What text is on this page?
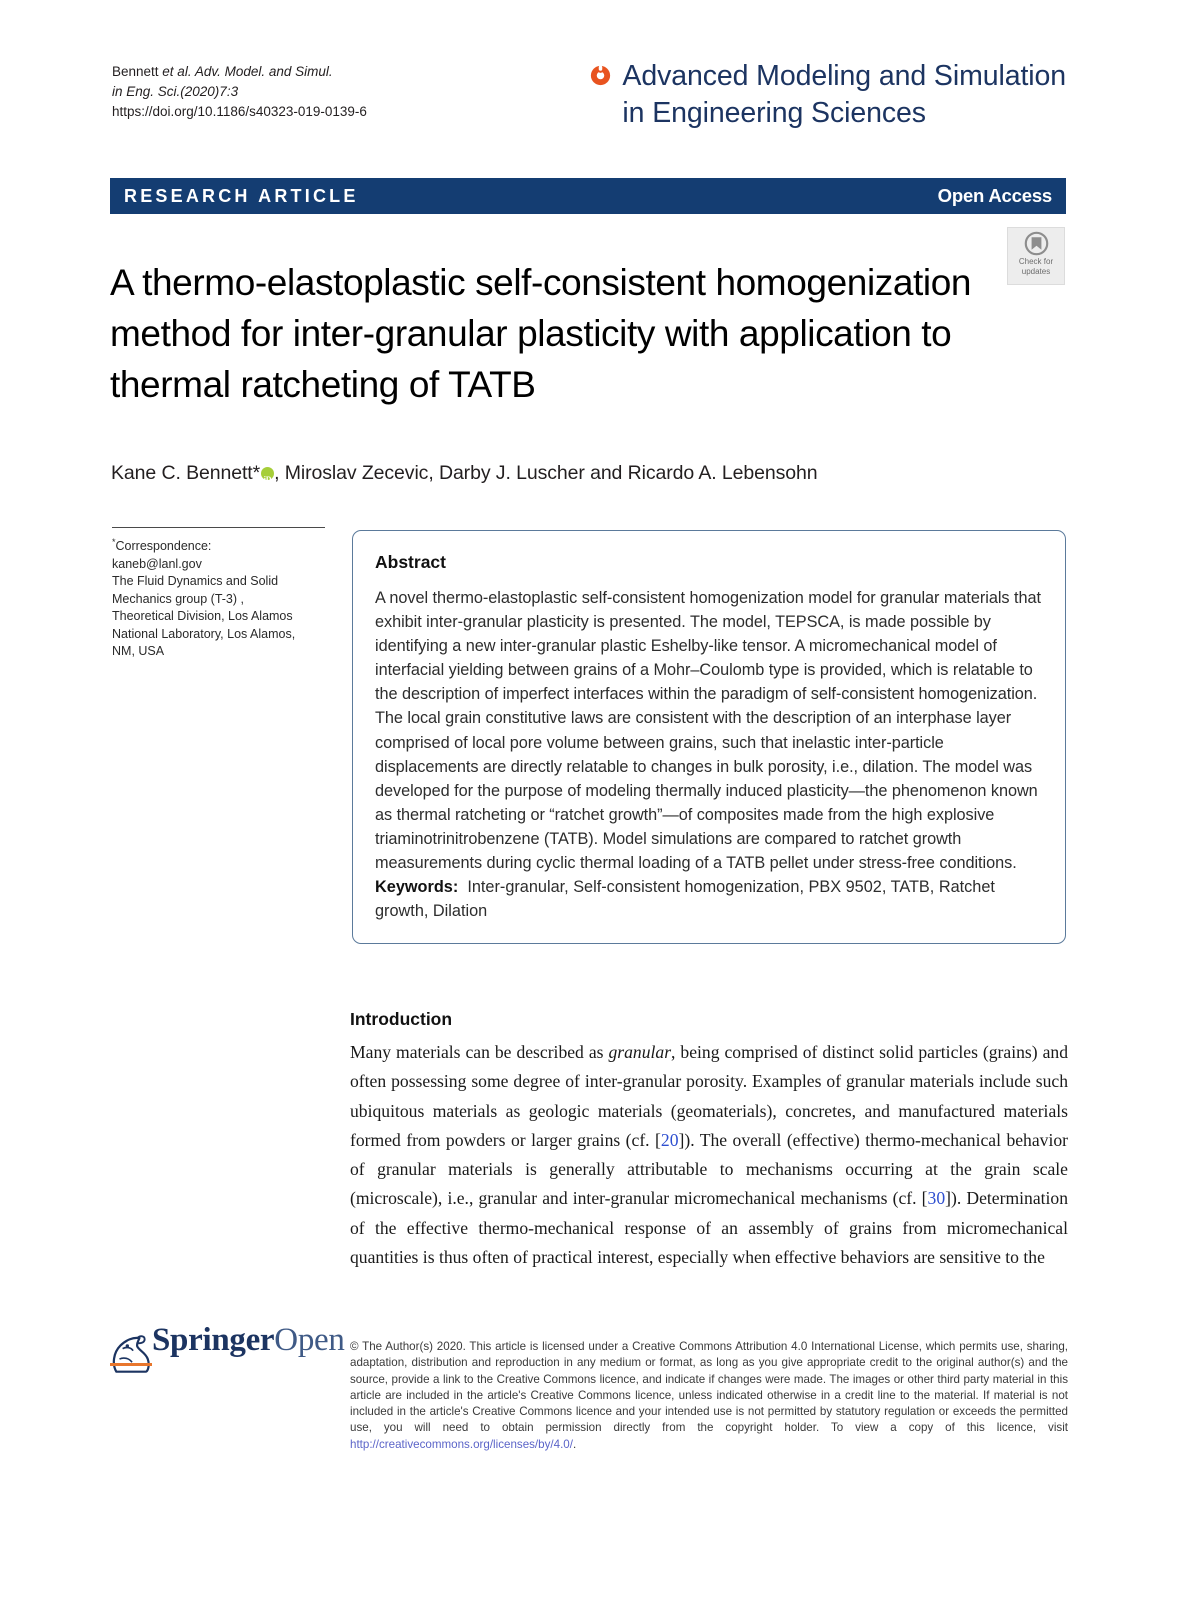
Bennett et al. Adv. Model. and Simul.
in Eng. Sci.(2020)7:3
https://doi.org/10.1186/s40323-019-0139-6
Advanced Modeling and Simulation
in Engineering Sciences
RESEARCH ARTICLE	Open Access
A thermo-elastoplastic self-consistent homogenization method for inter-granular plasticity with application to thermal ratcheting of TATB
Check for
updates
Kane C. Bennett* iD , Miroslav Zecevic, Darby J. Luscher and Ricardo A. Lebensohn
*Correspondence:
kaneb@lanl.gov
The Fluid Dynamics and Solid
Mechanics group (T-3) ,
Theoretical Division, Los Alamos
National Laboratory, Los Alamos,
NM, USA
Abstract
A novel thermo-elastoplastic self-consistent homogenization model for granular materials that exhibit inter-granular plasticity is presented. The model, TEPSCA, is made possible by identifying a new inter-granular plastic Eshelby-like tensor. A micromechanical model of interfacial yielding between grains of a Mohr–Coulomb type is provided, which is relatable to the description of imperfect interfaces within the paradigm of self-consistent homogenization. The local grain constitutive laws are consistent with the description of an interphase layer comprised of local pore volume between grains, such that inelastic inter-particle displacements are directly relatable to changes in bulk porosity, i.e., dilation. The model was developed for the purpose of modeling thermally induced plasticity—the phenomenon known as thermal ratcheting or “ratchet growth”—of composites made from the high explosive triaminotrinitrobenzene (TATB). Model simulations are compared to ratchet growth measurements during cyclic thermal loading of a TATB pellet under stress-free conditions.
Keywords: Inter-granular, Self-consistent homogenization, PBX 9502, TATB, Ratchet growth, Dilation
Introduction
Many materials can be described as granular, being comprised of distinct solid particles (grains) and often possessing some degree of inter-granular porosity. Examples of granular materials include such ubiquitous materials as geologic materials (geomaterials), concretes, and manufactured materials formed from powders or larger grains (cf. [20]). The overall (effective) thermo-mechanical behavior of granular materials is generally attributable to mechanisms occurring at the grain scale (microscale), i.e., granular and inter-granular micromechanical mechanisms (cf. [30]). Determination of the effective thermo-mechanical response of an assembly of grains from micromechanical quantities is thus often of practical interest, especially when effective behaviors are sensitive to the
SpringerOpen © The Author(s) 2020. This article is licensed under a Creative Commons Attribution 4.0 International License, which permits use, sharing, adaptation, distribution and reproduction in any medium or format, as long as you give appropriate credit to the original author(s) and the source, provide a link to the Creative Commons licence, and indicate if changes were made. The images or other third party material in this article are included in the article's Creative Commons licence, unless indicated otherwise in a credit line to the material. If material is not included in the article's Creative Commons licence and your intended use is not permitted by statutory regulation or exceeds the permitted use, you will need to obtain permission directly from the copyright holder. To view a copy of this licence, visit http://creativecommons.org/licenses/by/4.0/.
